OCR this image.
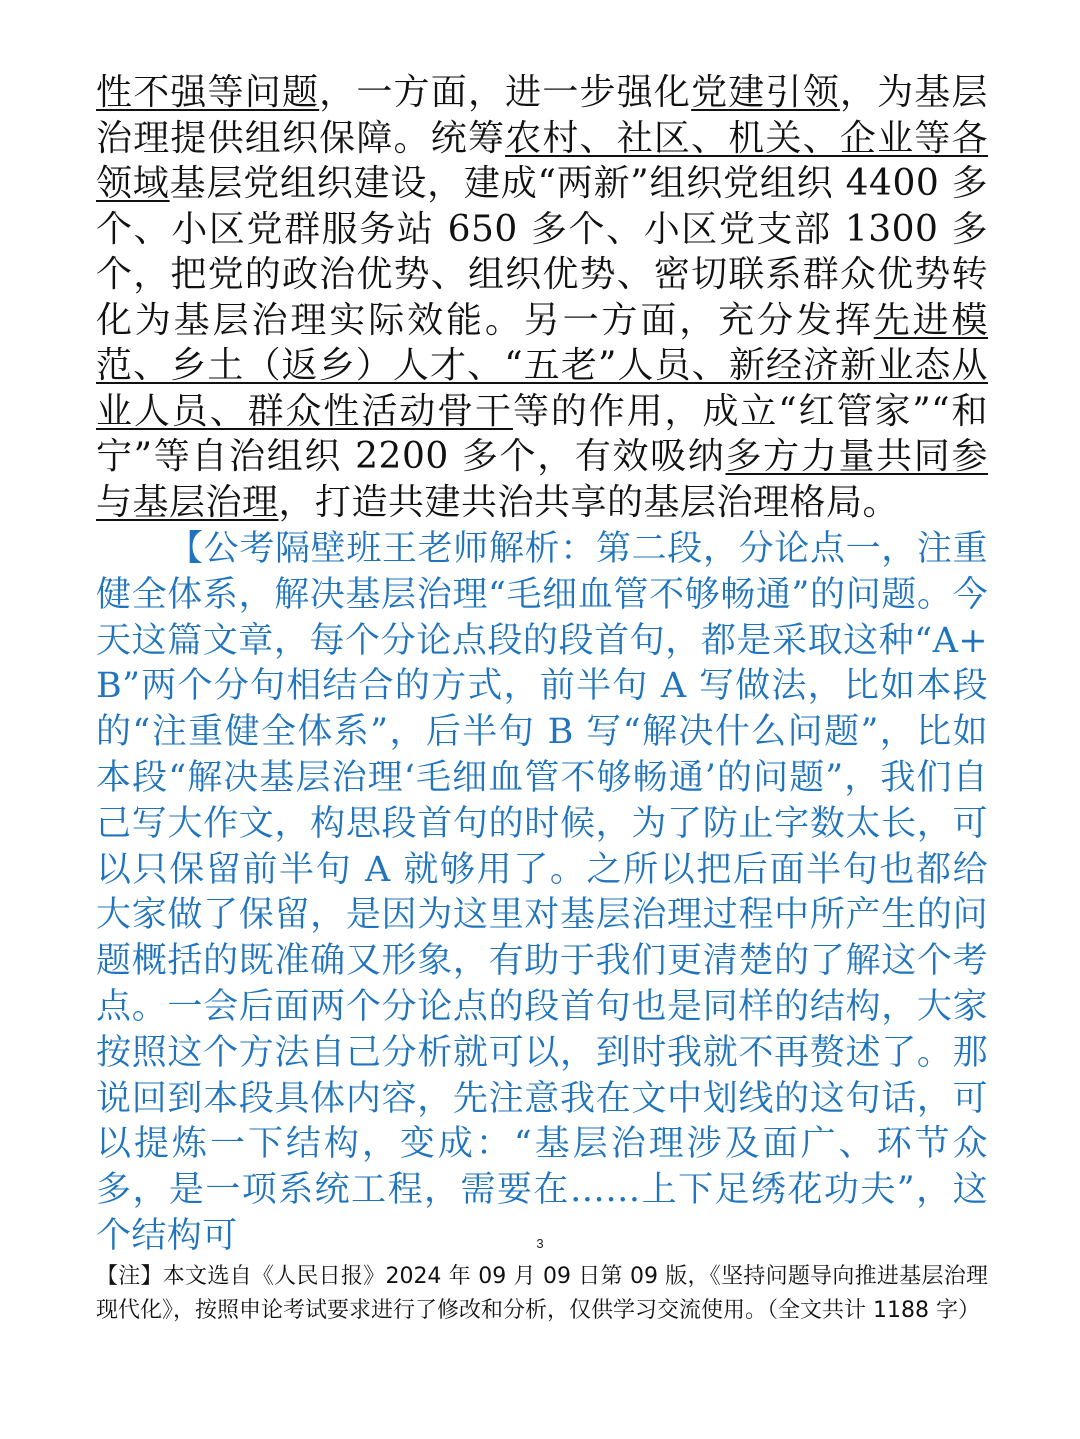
性不强等问题，一方面，进一步强化党建引领，为基层治理提供组织保障。统筹农村、社区、机关、企业等各领域基层党组织建设，建成“两新”组织党组织 4400 多个、小区党群服务站 650 多个、小区党支部 1300 多个，把党的政治优势、组织优势、密切联系群众优势转化为基层治理实际效能。另一方面，充分发挥先进模范、乡土（返乡）人才、“五老”人员、新经济新业态从业人员、群众性活动骨干等的作用，成立“红管家”“和宁”等自治组织 2200 多个，有效吸纳多方力量共同参与基层治理，打造共建共治共享的基层治理格局。

【公考隔壁班王老师解析：第二段，分论点一，注重健全体系，解决基层治理“毛细血管不够畅通”的问题。今天这篇文章，每个分论点段的段首句，都是采取这种“A+B”两个分句相结合的方式，前半句 A 写做法，比如本段的“注重健全体系”，后半句 B 写“解决什么问题”，比如本段“解决基层治理‘毛细血管不够畅通’的问题”，我们自己写大作文，构思段首句的时候，为了防止字数太长，可以只保留前半句 A 就够用了。之所以把后面半句也都给大家做了保留，是因为这里对基层治理过程中所产生的问题概括的既准确又形象，有助于我们更清楚的了解这个考点。一会后面两个分论点的段首句也是同样的结构，大家按照这个方法自己分析就可以，到时我就不再赘述了。那说回到本段具体内容，先注意我在文中划线的这句话，可以提炼一下结构，变成：“基层治理涉及面广、环节众多，是一项系统工程，需要在……上下足绣花功夫”，这个结构可	3

【注】本文选自《人民日报》2024 年 09 月 09 日第 09 版，《坚持问题导向推进基层治理现代化》，按照申论考试要求进行了修改和分析，仅供学习交流使用。（全文共计 1188 字）
